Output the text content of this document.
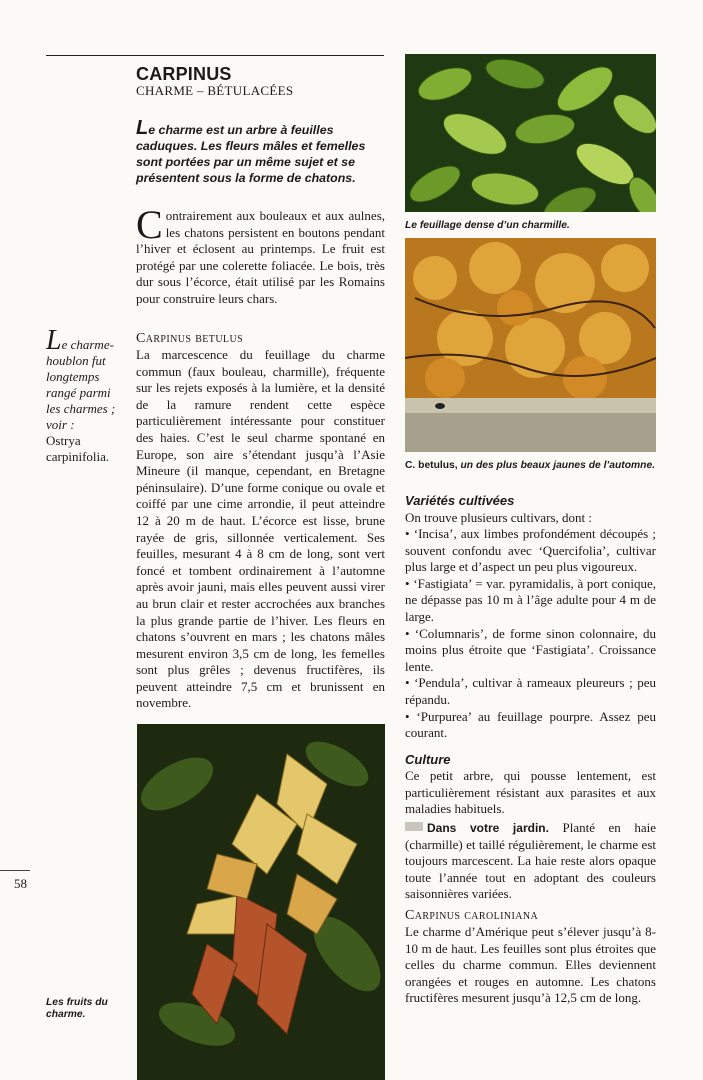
CARPINUS
CHARME – BÉTULACÉES
Le charme est un arbre à feuilles caduques. Les fleurs mâles et femelles sont portées par un même sujet et se présentent sous la forme de chatons.
Contrairement aux bouleaux et aux aulnes, les chatons persistent en boutons pendant l’hiver et éclosent au printemps. Le fruit est protégé par une colerette foliacée. Le bois, très dur sous l’écorce, était utilisé par les Romains pour construire leurs chars.
Carpinus betulus
La marcescence du feuillage du charme commun (faux bouleau, charmille), fréquente sur les rejets exposés à la lumière, et la densité de la ramure rendent cette espèce particulièrement intéressante pour constituer des haies. C’est le seul charme spontané en Europe, son aire s’étendant jusqu’à l’Asie Mineure (il manque, cependant, en Bretagne péninsulaire). D’une forme conique ou ovale et coiffé par une cime arrondie, il peut atteindre 12 à 20 m de haut. L’écorce est lisse, brune rayée de gris, sillonnée verticalement. Ses feuilles, mesurant 4 à 8 cm de long, sont vert foncé et tombent ordinairement à l’automne après avoir jauni, mais elles peuvent aussi virer au brun clair et rester accrochées aux branches la plus grande partie de l’hiver. Les fleurs en chatons s’ouvrent en mars ; les chatons mâles mesurent environ 3,5 cm de long, les femelles sont plus grêles ; devenus fructifères, ils peuvent atteindre 7,5 cm et brunissent en novembre.
Le charme-houblon fut longtemps rangé parmi les charmes ; voir :
Ostrya carpinifolia.
Le feuillage dense d’un charmille.
C. betulus, un des plus beaux jaunes de l’automne.
Les fruits du charme.
Variétés cultivées
On trouve plusieurs cultivars, dont :
• ‘Incisa’, aux limbes profondément découpés ; souvent confondu avec ‘Quercifolia’, cultivar plus large et d’aspect un peu plus vigoureux.
• ‘Fastigiata’ = var. pyramidalis, à port conique, ne dépasse pas 10 m à l’âge adulte pour 4 m de large.
• ‘Columnaris’, de forme sinon colonnaire, du moins plus étroite que ‘Fastigiata’. Croissance lente.
• ‘Pendula’, cultivar à rameaux pleureurs ; peu répandu.
• ‘Purpurea’ au feuillage pourpre. Assez peu courant.
Culture
Ce petit arbre, qui pousse lentement, est particulièrement résistant aux parasites et aux maladies habituels.
Dans votre jardin. Planté en haie (charmille) et taillé régulièrement, le charme est toujours marcescent. La haie reste alors opaque toute l’année tout en adoptant des couleurs saisonnières variées.
Carpinus caroliniana
Le charme d’Amérique peut s’élever jusqu’à 8-10 m de haut. Les feuilles sont plus étroites que celles du charme commun. Elles deviennent orangées et rouges en automne. Les chatons fructifères mesurent jusqu’à 12,5 cm de long.
58
